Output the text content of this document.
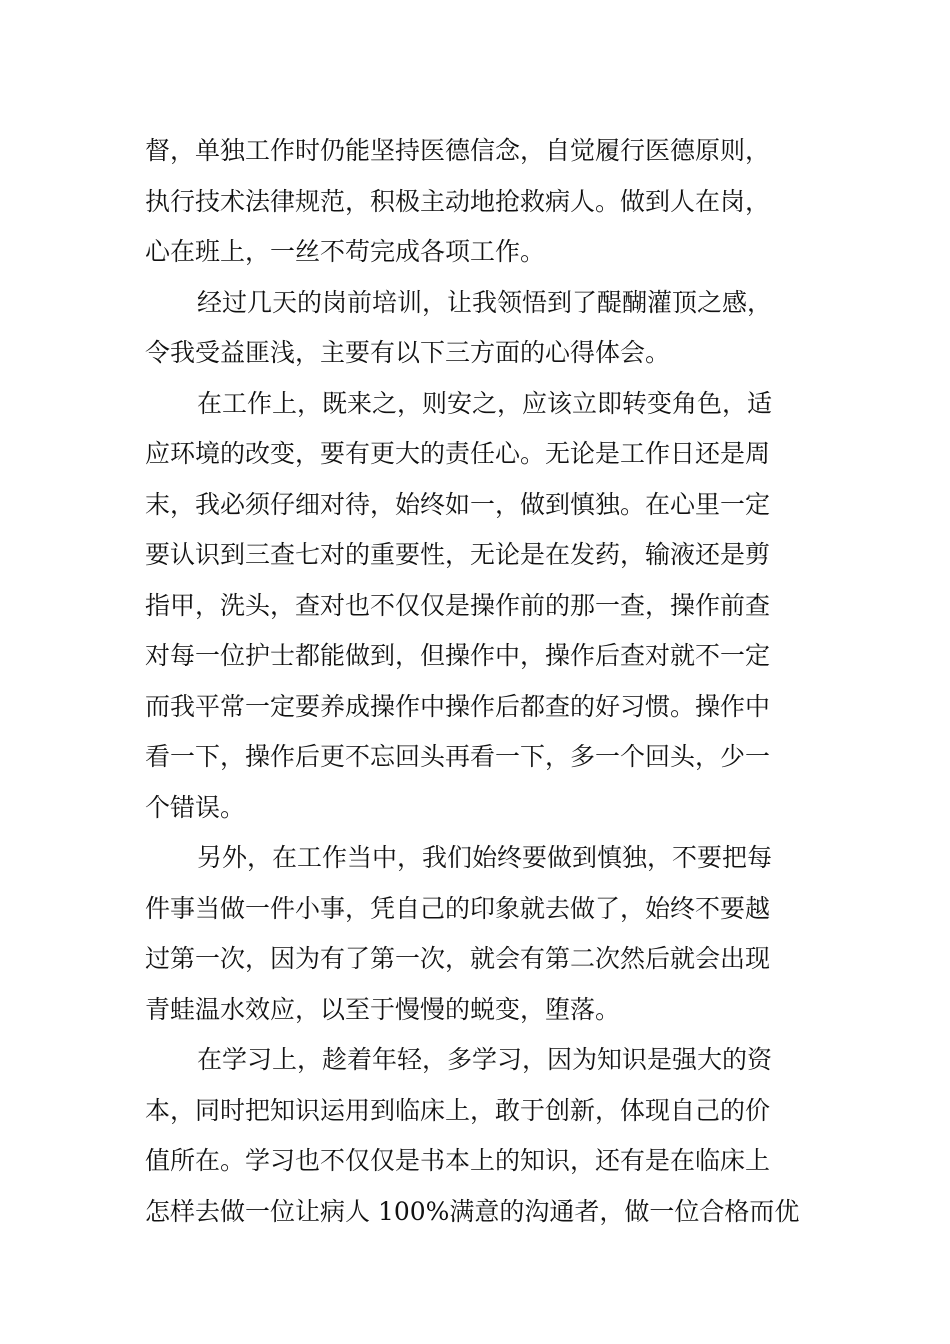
督，单独工作时仍能坚持医德信念，自觉履行医德原则，
执行技术法律规范，积极主动地抢救病人。做到人在岗，
心在班上，一丝不苟完成各项工作。
经过几天的岗前培训，让我领悟到了醍醐灌顶之感，
令我受益匪浅，主要有以下三方面的心得体会。
在工作上，既来之，则安之，应该立即转变角色，适
应环境的改变，要有更大的责任心。无论是工作日还是周
末，我必须仔细对待，始终如一，做到慎独。在心里一定
要认识到三查七对的重要性，无论是在发药，输液还是剪
指甲，洗头，查对也不仅仅是操作前的那一查，操作前查
对每一位护士都能做到，但操作中，操作后查对就不一定
而我平常一定要养成操作中操作后都查的好习惯。操作中
看一下，操作后更不忘回头再看一下，多一个回头，少一
个错误。
另外，在工作当中，我们始终要做到慎独，不要把每
件事当做一件小事，凭自己的印象就去做了，始终不要越
过第一次，因为有了第一次，就会有第二次然后就会出现
青蛙温水效应，以至于慢慢的蜕变，堕落。
在学习上，趁着年轻，多学习，因为知识是强大的资
本，同时把知识运用到临床上，敢于创新，体现自己的价
值所在。学习也不仅仅是书本上的知识，还有是在临床上
怎样去做一位让病人 100%满意的沟通者，做一位合格而优
